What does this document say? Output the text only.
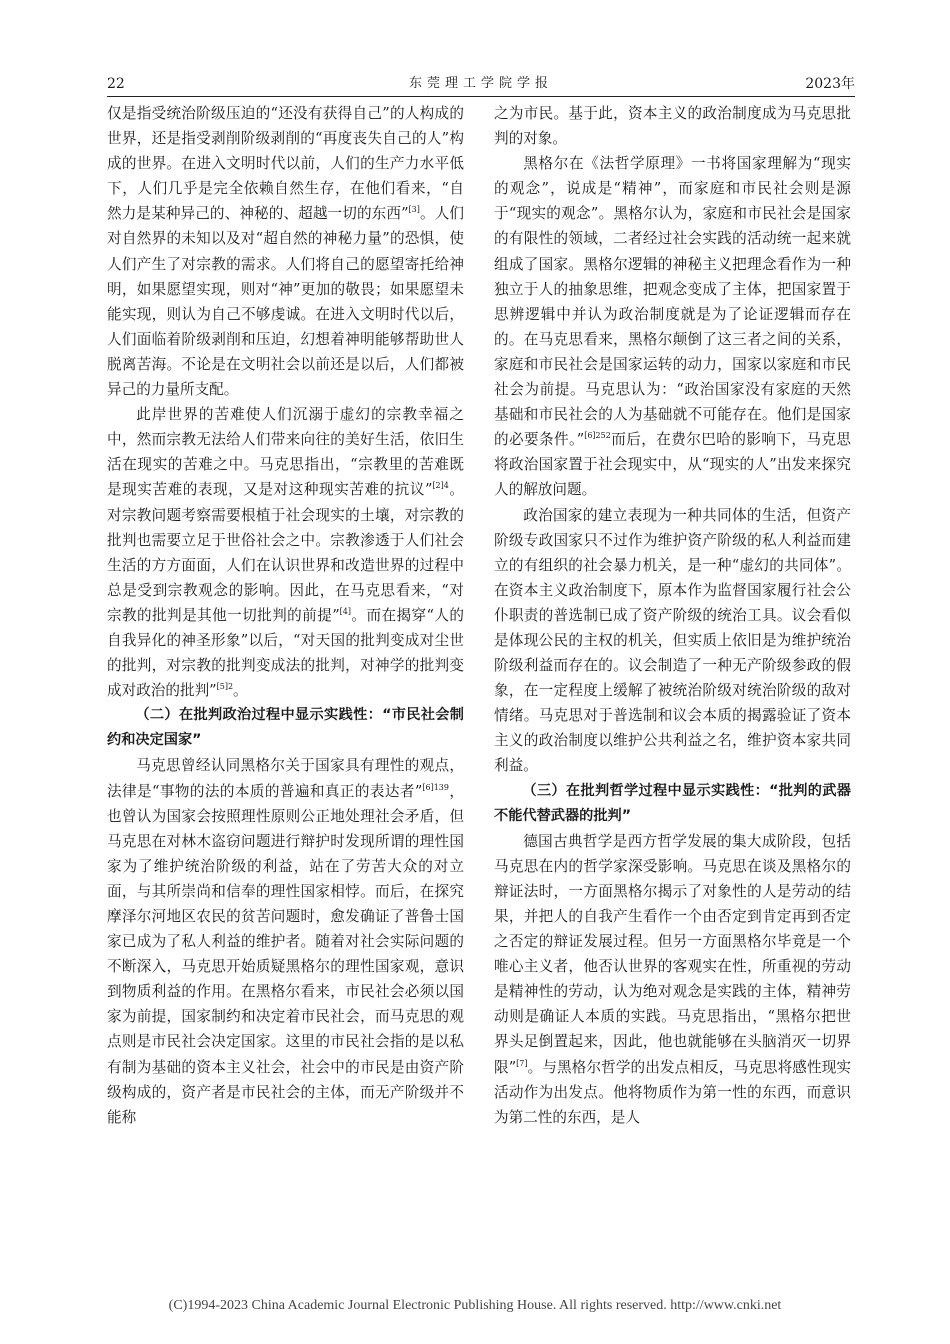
22	东莞理工学院学报	2023年

仅是指受统治阶级压迫的“还没有获得自己”的人构成的世界，还是指受剥削阶级剥削的“再度丧失自己的人”构成的世界。在进入文明时代以前，人们的生产力水平低下，人们几乎是完全依赖自然生存，在他们看来，“自然力是某种异己的、神秘的、超越一切的东西”[3]。人们对自然界的未知以及对“超自然的神秘力量”的恐惧，使人们产生了对宗教的需求。人们将自己的愿望寄托给神明，如果愿望实现，则对“神”更加的敬畏；如果愿望未能实现，则认为自己不够虔诚。在进入文明时代以后，人们面临着阶级剥削和压迫，幻想着神明能够帮助世人脱离苦海。不论是在文明社会以前还是以后，人们都被异己的力量所支配。

此岸世界的苦难使人们沉溺于虚幻的宗教幸福之中，然而宗教无法给人们带来向往的美好生活，依旧生活在现实的苦难之中。马克思指出，“宗教里的苦难既是现实苦难的表现，又是对这种现实苦难的抗议”$^{[2]4}$。对宗教问题考察需要根植于社会现实的土壤，对宗教的批判也需要立足于世俗社会之中。宗教渗透于人们社会生活的方方面面，人们在认识世界和改造世界的过程中总是受到宗教观念的影响。因此，在马克思看来，“对宗教的批判是其他一切批判的前提”[4]。而在揭穿“人的自我异化的神圣形象”以后，“对天国的批判变成对尘世的批判，对宗教的批判变成法的批判，对神学的批判变成对政治的批判”$^{[5]2}$。

（二）在批判政治过程中显示实践性：“市民社会制约和决定国家”

马克思曾经认同黑格尔关于国家具有理性的观点，法律是“事物的法的本质的普遍和真正的表达者”$^{[6]139}$，也曾认为国家会按照理性原则公正地处理社会矛盾，但马克思在对林木盗窃问题进行辩护时发现所谓的理性国家为了维护统治阶级的利益，站在了劳苦大众的对立面，与其所崇尚和信奉的理性国家相悖。而后，在探究摩泽尔河地区农民的贫苦问题时，愈发确证了普鲁士国家已成为了私人利益的维护者。随着对社会实际问题的不断深入，马克思开始质疑黑格尔的理性国家观，意识到物质利益的作用。在黑格尔看来，市民社会必须以国家为前提，国家制约和决定着市民社会，而马克思的观点则是市民社会决定国家。这里的市民社会指的是以私有制为基础的资本主义社会，社会中的市民是由资产阶级构成的，资产者是市民社会的主体，而无产阶级并不能称

之为市民。基于此，资本主义的政治制度成为马克思批判的对象。

黑格尔在《法哲学原理》一书将国家理解为“现实的观念”，说成是“精神”，而家庭和市民社会则是源于“现实的观念”。黑格尔认为，家庭和市民社会是国家的有限性的领域，二者经过社会实践的活动统一起来就组成了国家。黑格尔逻辑的神秘主义把理念看作为一种独立于人的抽象思维，把观念变成了主体，把国家置于思辨逻辑中并认为政治制度就是为了论证逻辑而存在的。在马克思看来，黑格尔颠倒了这三者之间的关系，家庭和市民社会是国家运转的动力，国家以家庭和市民社会为前提。马克思认为：“政治国家没有家庭的天然基础和市民社会的人为基础就不可能存在。他们是国家的必要条件。”$^{[6]252}$而后，在费尔巴哈的影响下，马克思将政治国家置于社会现实中，从“现实的人”出发来探究人的解放问题。

政治国家的建立表现为一种共同体的生活，但资产阶级专政国家只不过作为维护资产阶级的私人利益而建立的有组织的社会暴力机关，是一种“虚幻的共同体”。在资本主义政治制度下，原本作为监督国家履行社会公仆职责的普选制已成了资产阶级的统治工具。议会看似是体现公民的主权的机关，但实质上依旧是为维护统治阶级利益而存在的。议会制造了一种无产阶级参政的假象，在一定程度上缓解了被统治阶级对统治阶级的敌对情绪。马克思对于普选制和议会本质的揭露验证了资本主义的政治制度以维护公共利益之名，维护资本家共同利益。

（三）在批判哲学过程中显示实践性：“批判的武器不能代替武器的批判”

德国古典哲学是西方哲学发展的集大成阶段，包括马克思在内的哲学家深受影响。马克思在谈及黑格尔的辩证法时，一方面黑格尔揭示了对象性的人是劳动的结果，并把人的自我产生看作一个由否定到肯定再到否定之否定的辩证发展过程。但另一方面黑格尔毕竟是一个唯心主义者，他否认世界的客观实在性，所重视的劳动是精神性的劳动，认为绝对观念是实践的主体，精神劳动则是确证人本质的实践。马克思指出，“黑格尔把世界头足倒置起来，因此，他也就能够在头脑消灭一切界限”[7]。与黑格尔哲学的出发点相反，马克思将感性现实活动作为出发点。他将物质作为第一性的东西，而意识为第二性的东西，是人

(C)1994-2023 China Academic Journal Electronic Publishing House. All rights reserved. http://www.cnki.net
